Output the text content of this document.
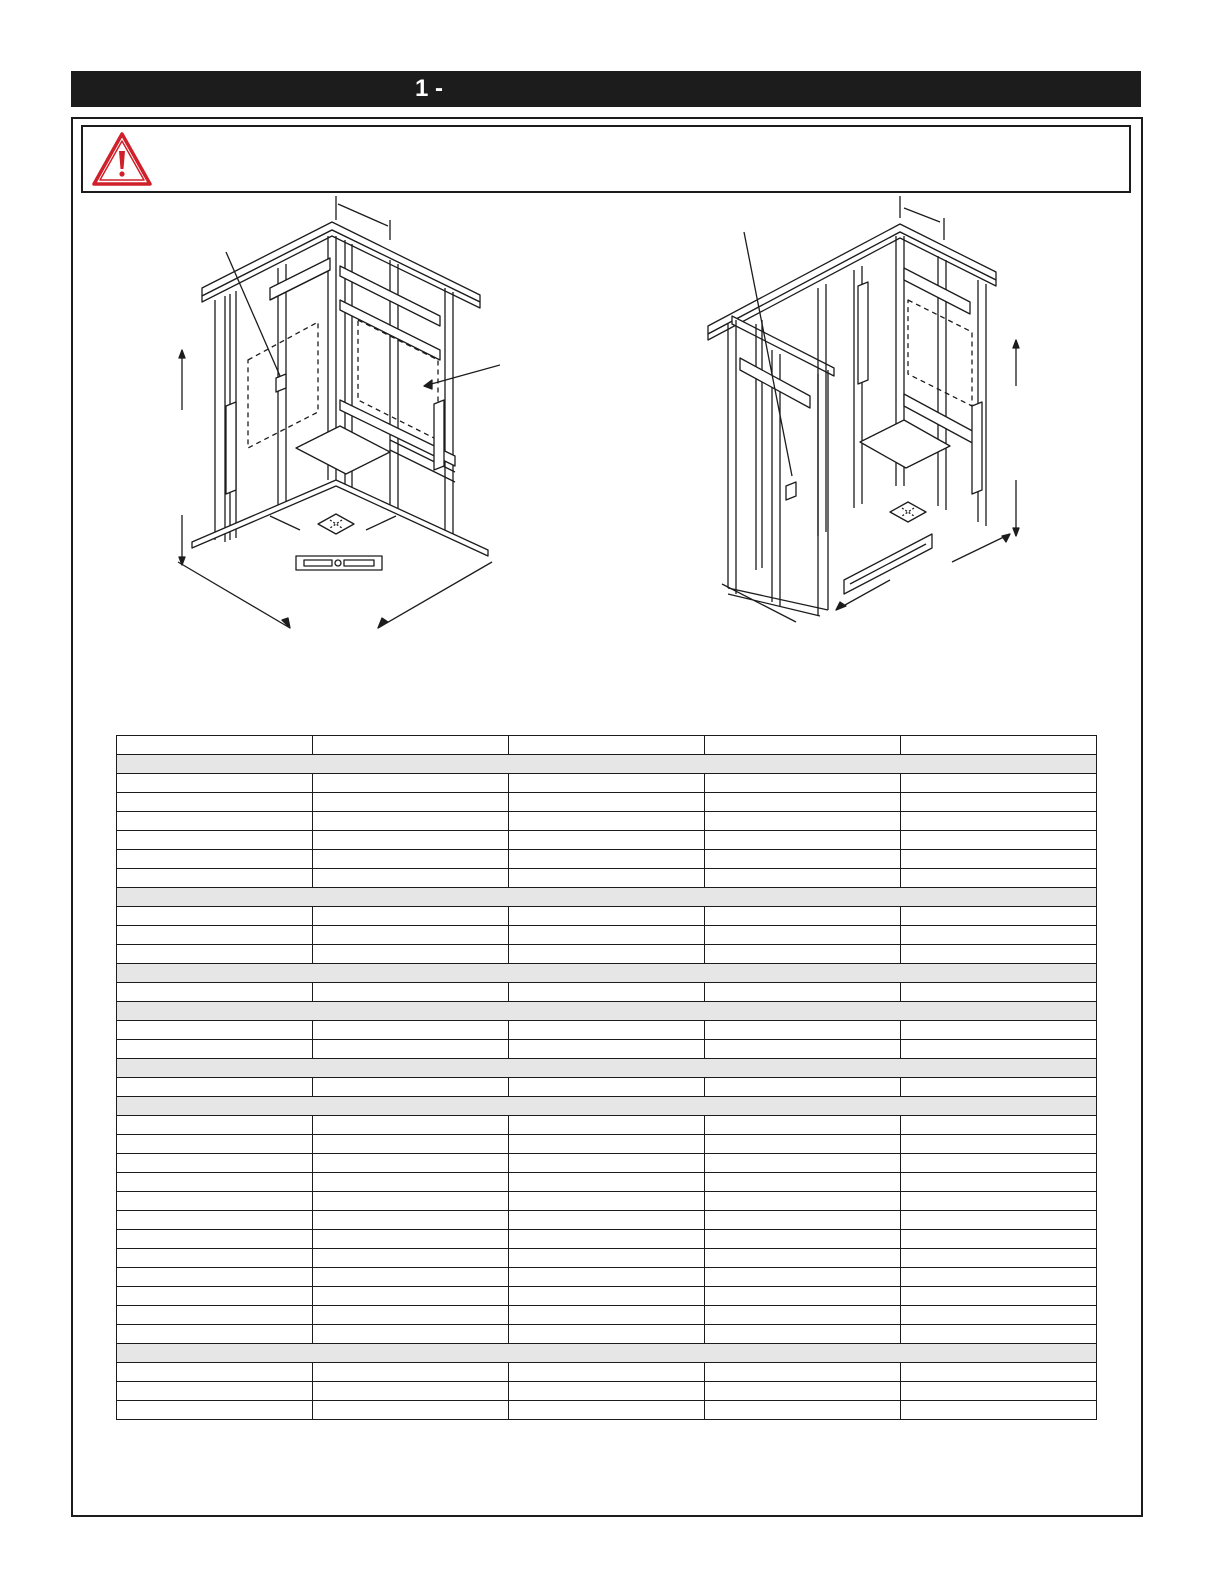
1 -
